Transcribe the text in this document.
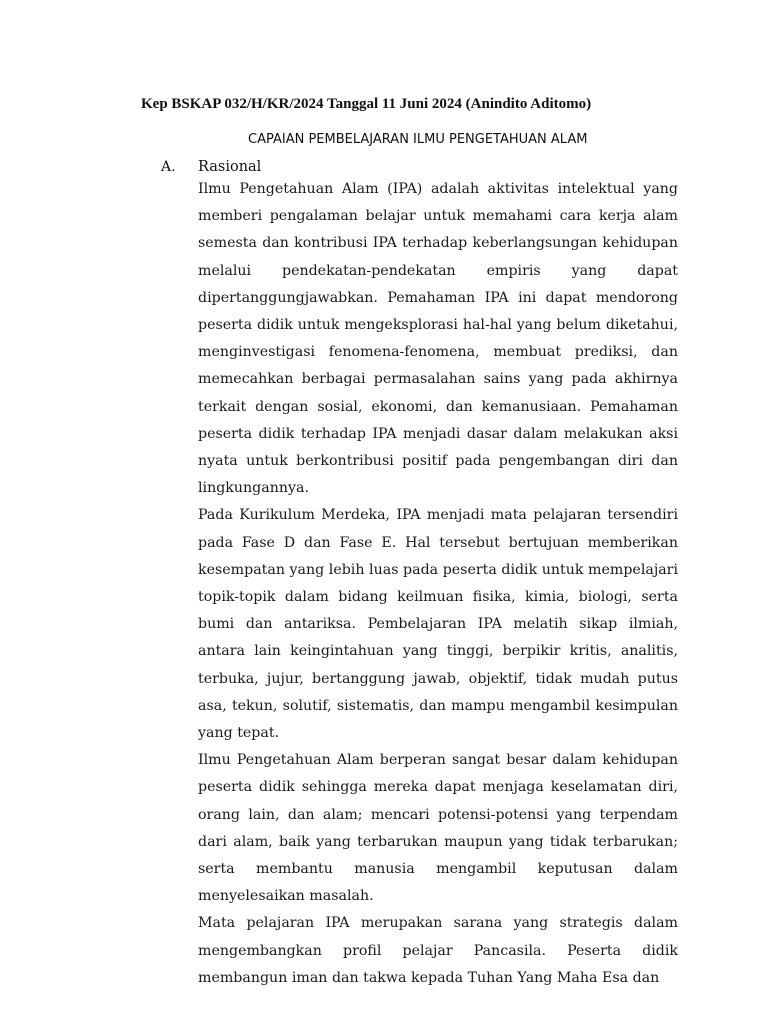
Kep BSKAP 032/H/KR/2024 Tanggal 11 Juni 2024 (Anindito Aditomo)
CAPAIAN PEMBELAJARAN ILMU PENGETAHUAN ALAM
A. Rasional

Ilmu Pengetahuan Alam (IPA) adalah aktivitas intelektual yang memberi pengalaman belajar untuk memahami cara kerja alam semesta dan kontribusi IPA terhadap keberlangsungan kehidupan melalui pendekatan-pendekatan empiris yang dapat dipertanggungjawabkan. Pemahaman IPA ini dapat mendorong peserta didik untuk mengeksplorasi hal-hal yang belum diketahui, menginvestigasi fenomena-fenomena, membuat prediksi, dan memecahkan berbagai permasalahan sains yang pada akhirnya terkait dengan sosial, ekonomi, dan kemanusiaan. Pemahaman peserta didik terhadap IPA menjadi dasar dalam melakukan aksi nyata untuk berkontribusi positif pada pengembangan diri dan lingkungannya.

Pada Kurikulum Merdeka, IPA menjadi mata pelajaran tersendiri pada Fase D dan Fase E. Hal tersebut bertujuan memberikan kesempatan yang lebih luas pada peserta didik untuk mempelajari topik-topik dalam bidang keilmuan fisika, kimia, biologi, serta bumi dan antariksa. Pembelajaran IPA melatih sikap ilmiah, antara lain keingintahuan yang tinggi, berpikir kritis, analitis, terbuka, jujur, bertanggung jawab, objektif, tidak mudah putus asa, tekun, solutif, sistematis, dan mampu mengambil kesimpulan yang tepat.

Ilmu Pengetahuan Alam berperan sangat besar dalam kehidupan peserta didik sehingga mereka dapat menjaga keselamatan diri, orang lain, dan alam; mencari potensi-potensi yang terpendam dari alam, baik yang terbarukan maupun yang tidak terbarukan; serta membantu manusia mengambil keputusan dalam menyelesaikan masalah.

Mata pelajaran IPA merupakan sarana yang strategis dalam mengembangkan profil pelajar Pancasila. Peserta didik membangun iman dan takwa kepada Tuhan Yang Maha Esa dan
